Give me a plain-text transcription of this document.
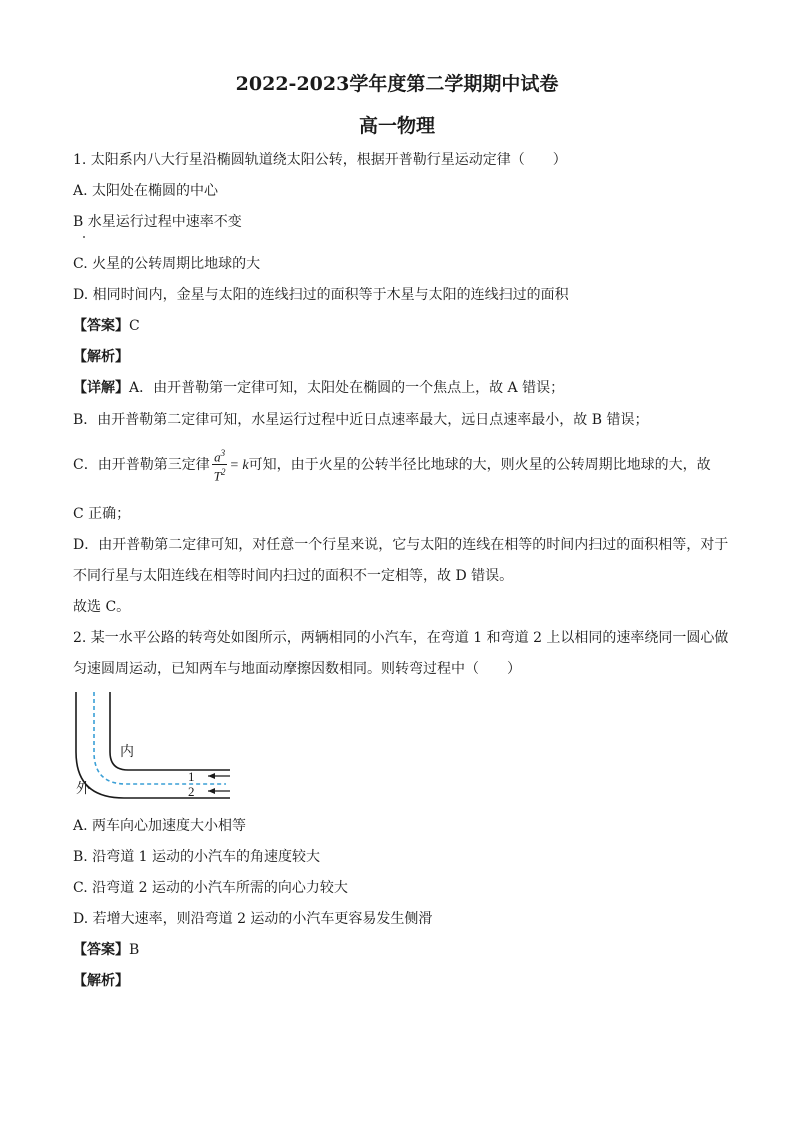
2022-2023学年度第二学期期中试卷
高一物理
1. 太阳系内八大行星沿椭圆轨道绕太阳公转，根据开普勒行星运动定律（　　）
A. 太阳处在椭圆的中心
B 水星运行过程中速率不变
C. 火星的公转周期比地球的大
D. 相同时间内，金星与太阳的连线扫过的面积等于木星与太阳的连线扫过的面积
【答案】C
【解析】
【详解】A．由开普勒第一定律可知，太阳处在椭圆的一个焦点上，故 A 错误；
B．由开普勒第二定律可知，水星运行过程中近日点速率最大，远日点速率最小，故 B 错误；
C．由开普勒第三定律 $\frac{a^3}{T^2} = k$可知，由于火星的公转半径比地球的大，则火星的公转周期比地球的大，故
C 正确；
D．由开普勒第二定律可知，对任意一个行星来说，它与太阳的连线在相等的时间内扫过的面积相等，对于
不同行星与太阳连线在相等时间内扫过的面积不一定相等，故 D 错误。
故选 C。
2. 某一水平公路的转弯处如图所示，两辆相同的小汽车，在弯道 1 和弯道 2 上以相同的速率绕同一圆心做
匀速圆周运动，已知两车与地面动摩擦因数相同。则转弯过程中（　　）
内
外
1
2
A. 两车向心加速度大小相等
B. 沿弯道 1 运动的小汽车的角速度较大
C. 沿弯道 2 运动的小汽车所需的向心力较大
D. 若增大速率，则沿弯道 2 运动的小汽车更容易发生侧滑
【答案】B
【解析】
